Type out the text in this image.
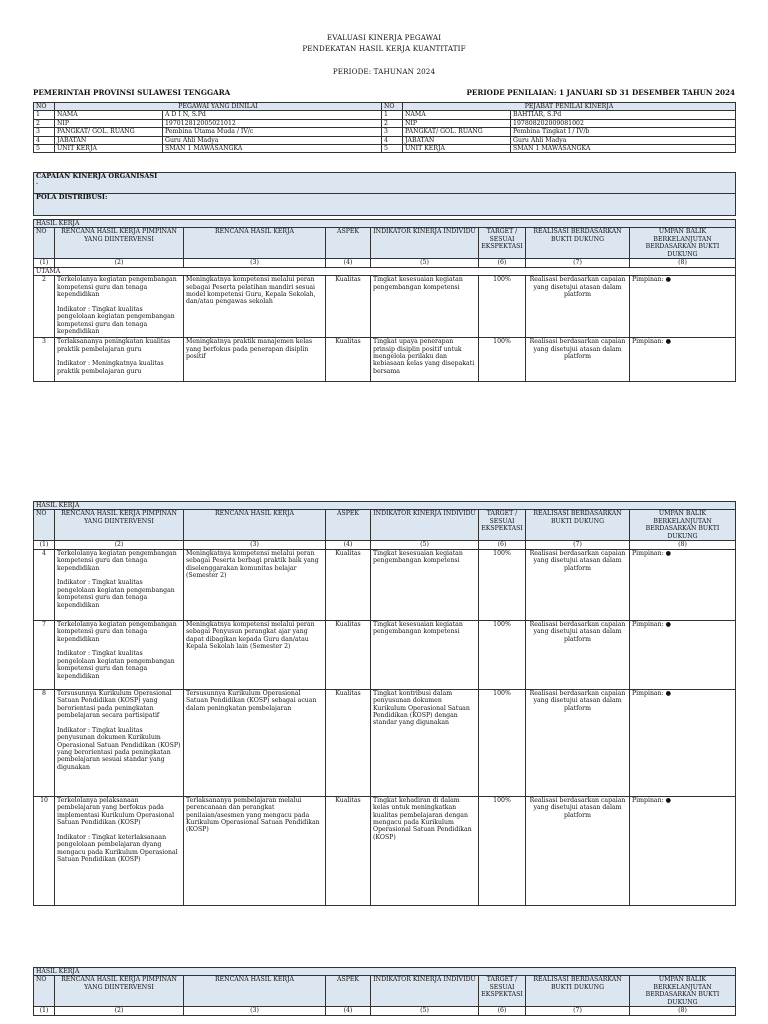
EVALUASI KINERJA PEGAWAI
PENDEKATAN HASIL KERJA KUANTITATIF
PERIODE: TAHUNAN 2024
PEMERINTAH PROVINSI SULAWESI TENGGARA	PERIODE PENILAIAN: 1 JANUARI SD 31 DESEMBER TAHUN 2024
NO	PEGAWAI YANG DINILAI		NO	PEJABAT PENILAI KINERJA	
1	NAMA	A D I N, S.Pd	1	NAMA	BAHTIAR, S.Pd
2	NIP	197012812005021012	2	NIP	197808202009081002
3	PANGKAT/ GOL. RUANG	Pembina Utama Muda / IV/c	3	PANGKAT/ GOL. RUANG	Pembina Tingkat I / IV/b
4	JABATAN	Guru Ahli Madya	4	JABATAN	Guru Ahli Madya
5	UNIT KERJA	SMAN 1 MAWASANGKA	5	UNIT KERJA	SMAN 1 MAWASANGKA
CAPAIAN KINERJA ORGANISASI
-

POLA DISTRIBUSI:
HASIL KERJA							
NO	RENCANA HASIL KERJA PIMPINAN YANG DIINTERVENSI	RENCANA HASIL KERJA	ASPEK	INDIKATOR KINERJA INDIVIDU	TARGET / SESUAI EKSPEKTASI	REALISASI BERDASARKAN BUKTI DUKUNG	UMPAN BALIK BERKELANJUTAN BERDASARKAN BUKTI DUKUNG
(1)	(2)	(3)	(4)	(5)	(6)	(7)	(8)
UTAMA							
2	Terkelolanya kegiatan pengembangan kompetensi guru dan tenaga kependidikan

Indikator : Tingkat kualitas pengelolaan kegiatan pengembangan kompetensi guru dan tenaga kependidikan	Meningkatnya kompetensi melalui peran sebagai Peserta pelatihan mandiri sesuai model kompetensi Guru, Kepala Sekolah, dan/atau pengawas sekolah	Kualitas	Tingkat kesesuaian kegiatan pengembangan kompetensi	100%	Realisasi berdasarkan capaian yang disetujui atasan dalam platform	Pimpinan: ●
3	Terlaksananya peningkatan kualitas praktik pembelajaran guru

Indikator : Meningkatnya kualitas praktik pembelajaran guru	Meningkatnya praktik manajemen kelas yang berfokus pada penerapan disiplin positif	Kualitas	Tingkat upaya penerapan prinsip disiplin positif untuk mengelola perilaku dan kebiasaan kelas yang disepakati bersama	100%	Realisasi berdasarkan capaian yang disetujui atasan dalam platform	Pimpinan: ●
HASIL KERJA							
NO	RENCANA HASIL KERJA PIMPINAN YANG DIINTERVENSI	RENCANA HASIL KERJA	ASPEK	INDIKATOR KINERJA INDIVIDU	TARGET / SESUAI EKSPEKTASI	REALISASI BERDASARKAN BUKTI DUKUNG	UMPAN BALIK BERKELANJUTAN BERDASARKAN BUKTI DUKUNG
(1)	(2)	(3)	(4)	(5)	(6)	(7)	(8)
4	Terkelolanya kegiatan pengembangan kompetensi guru dan tenaga kependidikan

Indikator : Tingkat kualitas pengelolaan kegiatan pengembangan kompetensi guru dan tenaga kependidikan	Meningkatnya kompetensi melalui peran sebagai Peserta berbagi praktik baik yang diselenggarakan komunitas belajar (Semester 2)	Kualitas	Tingkat kesesuaian kegiatan pengembangan kompetensi	100%	Realisasi berdasarkan capaian yang disetujui atasan dalam platform	Pimpinan: ●
7	Terkelolanya kegiatan pengembangan kompetensi guru dan tenaga kependidikan

Indikator : Tingkat kualitas pengelolaan kegiatan pengembangan kompetensi guru dan tenaga kependidikan	Meningkatnya kompetensi melalui peran sebagai Penyusun perangkat ajar yang dapat dibagikan kepada Guru dan/atau Kepala Sekolah lain (Semester 2)	Kualitas	Tingkat kesesuaian kegiatan pengembangan kompetensi	100%	Realisasi berdasarkan capaian yang disetujui atasan dalam platform	Pimpinan: ●
8	Tersusunnya Kurikulum Operasional Satuan Pendidikan (KOSP) yang berorientasi pada peningkatan pembelajaran secara partisipatif

Indikator : Tingkat kualitas penyusunan dokumen Kurikulum Operasional Satuan Pendidikan (KOSP) yang berorientasi pada peningkatan pembelajaran sesuai standar yang digunakan	Tersusunnya Kurikulum Operasional Satuan Pendidikan (KOSP) sebagai acuan dalam peningkatan pembelajaran	Kualitas	Tingkat kontribusi dalam penyusunan dokumen Kurikulum Operasional Satuan Pendidikan (KOSP) dengan standar yang digunakan	100%	Realisasi berdasarkan capaian yang disetujui atasan dalam platform	Pimpinan: ●
10	Terkelolanya pelaksanaan pembelajaran yang berfokus pada implementasi Kurikulum Operasional Satuan Pendidikan (KOSP)

Indikator : Tingkat keterlaksanaan pengelolaan pembelajaran dyang mengacu pada Kurikulum Operasional Satuan Pendidikan (KOSP)	Terlaksananya pembelajaran melalui perencanaan dan perangkat penilaian/asesmen yang mengacu pada Kurikulum Operasional Satuan Pendidikan (KOSP)	Kualitas	Tingkat kehadiran di dalam kelas untuk meningkatkan kualitas pembelajaran dengan mengacu pada Kurikulum Operasional Satuan Pendidikan (KOSP)	100%	Realisasi berdasarkan capaian yang disetujui atasan dalam platform	Pimpinan: ●
HASIL KERJA							
NO	RENCANA HASIL KERJA PIMPINAN YANG DIINTERVENSI	RENCANA HASIL KERJA	ASPEK	INDIKATOR KINERJA INDIVIDU	TARGET / SESUAI EKSPEKTASI	REALISASI BERDASARKAN BUKTI DUKUNG	UMPAN BALIK BERKELANJUTAN BERDASARKAN BUKTI DUKUNG
(1)	(2)	(3)	(4)	(5)	(6)	(7)	(8)
